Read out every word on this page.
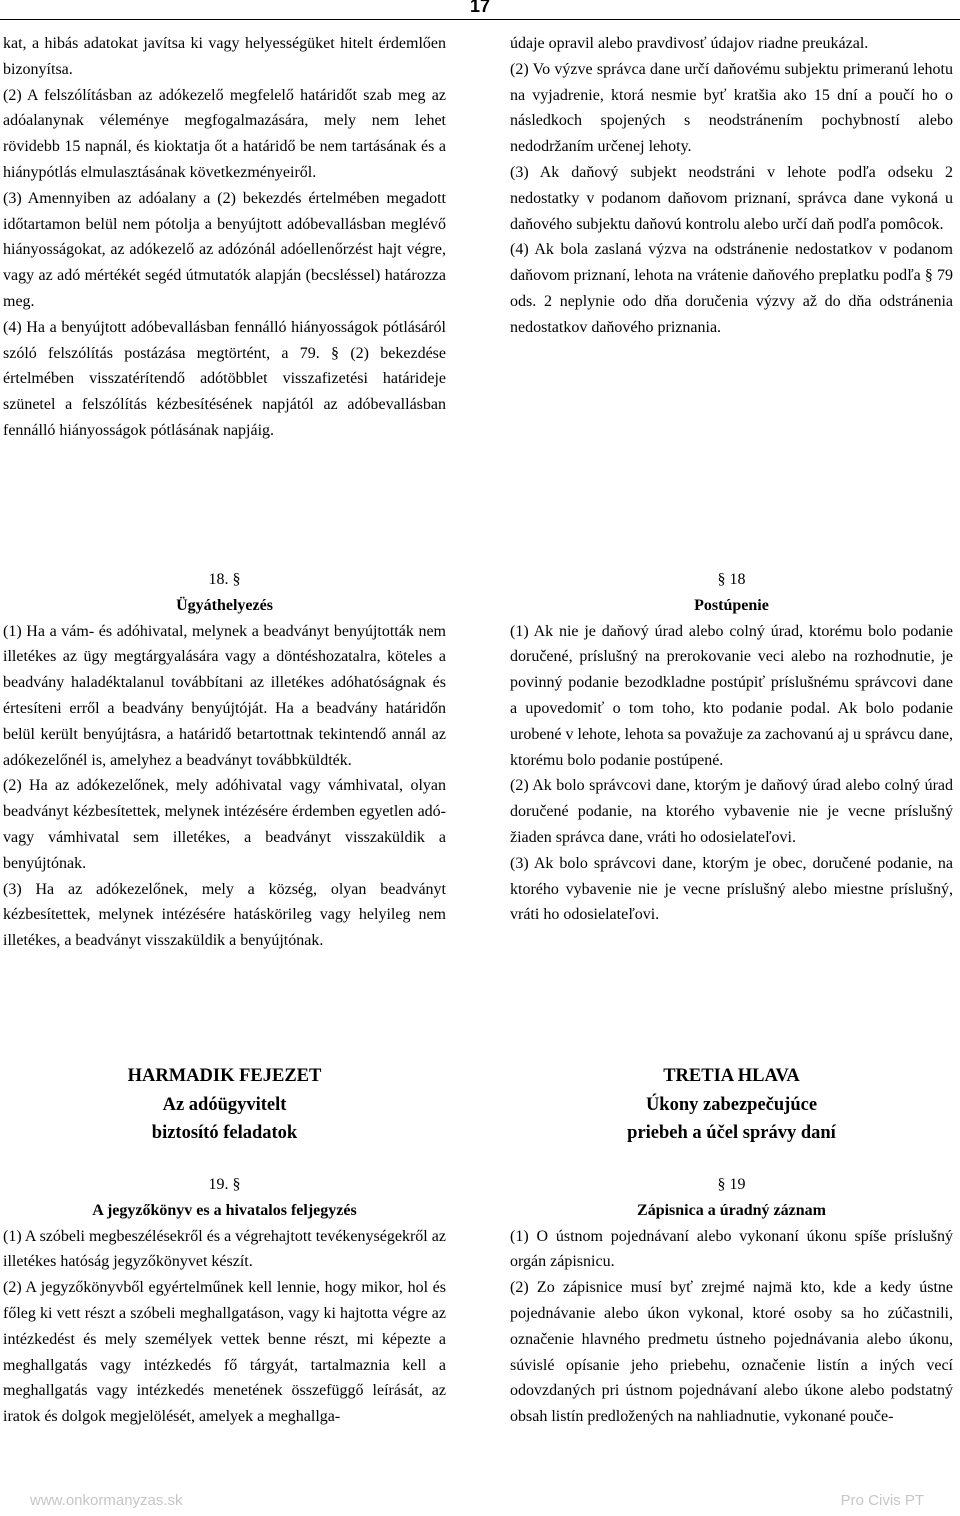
17

kat, a hibás adatokat javítsa ki vagy helyességüket hitelt érdemlően bizonyítsa.

(2) A felszólításban az adókezelő megfelelő határidőt szab meg az adóalanynak véleménye megfogalmazására, mely nem lehet rövidebb 15 napnál, és kioktatja őt a határidő be nem tartásának és a hiánypótlás elmulasztásának következményeiről.

(3) Amennyiben az adóalany a (2) bekezdés értelmében megadott időtartamon belül nem pótolja a benyújtott adóbevallásban meglévő hiányosságokat, az adókezelő az adózónál adóellenőrzést hajt végre, vagy az adó mértékét segéd útmutatók alapján (becsléssel) határozza meg.

(4) Ha a benyújtott adóbevallásban fennálló hiányosságok pótlásáról szóló felszólítás postázása megtörtént, a 79. § (2) bekezdése értelmében visszatérítendő adótöbblet visszafizetési határideje szünetel a felszólítás kézbesítésének napjától az adóbevallásban fennálló hiányosságok pótlásának napjáig.

údaje opravil alebo pravdivosť údajov riadne preukázal.

(2) Vo výzve správca dane určí daňovému subjektu primeranú lehotu na vyjadrenie, ktorá nesmie byť kratšia ako 15 dní a poučí ho o následkoch spojených s neodstránením pochybností alebo nedodržaním určenej lehoty.

(3) Ak daňový subjekt neodstráni v lehote podľa odseku 2 nedostatky v podanom daňovom priznaní, správca dane vykoná u daňového subjektu daňovú kontrolu alebo určí daň podľa pomôcok.

(4) Ak bola zaslaná výzva na odstránenie nedostatkov v podanom daňovom priznaní, lehota na vrátenie daňového preplatku podľa § 79 ods. 2 neplynie odo dňa doručenia výzvy až do dňa odstránenia nedostatkov daňového priznania.

18. §

Ügyáthelyezés

(1) Ha a vám- és adóhivatal, melynek a beadványt benyújtották nem illetékes az ügy megtárgyalására vagy a döntéshozatalra, köteles a beadvány haladéktalanul továbbítani az illetékes adóhatóságnak és értesíteni erről a beadvány benyújtóját. Ha a beadvány határidőn belül került benyújtásra, a határidő betartottnak tekintendő annál az adókezelőnél is, amelyhez a beadványt továbbküldték.

(2) Ha az adókezelőnek, mely adóhivatal vagy vámhivatal, olyan beadványt kézbesítettek, melynek intézésére érdemben egyetlen adó- vagy vámhivatal sem illetékes, a beadványt visszaküldik a benyújtónak.

(3) Ha az adókezelőnek, mely a község, olyan beadványt kézbesítettek, melynek intézésére hatáskörileg vagy helyileg nem illetékes, a beadványt visszaküldik a benyújtónak.

§ 18

Postúpenie

(1) Ak nie je daňový úrad alebo colný úrad, ktorému bolo podanie doručené, príslušný na prerokovanie veci alebo na rozhodnutie, je povinný podanie bezodkladne postúpiť príslušnému správcovi dane a upovedomiť o tom toho, kto podanie podal. Ak bolo podanie urobené v lehote, lehota sa považuje za zachovanú aj u správcu dane, ktorému bolo podanie postúpené.

(2) Ak bolo správcovi dane, ktorým je daňový úrad alebo colný úrad doručené podanie, na ktorého vybavenie nie je vecne príslušný žiaden správca dane, vráti ho odosielateľovi.

(3) Ak bolo správcovi dane, ktorým je obec, doručené podanie, na ktorého vybavenie nie je vecne príslušný alebo miestne príslušný, vráti ho odosielateľovi.

HARMADIK FEJEZET

Az adóügyvitelt

biztosító feladatok

TRETIA HLAVA

Úkony zabezpečujúce

priebeh a účel správy daní

19. §

A jegyzőkönyv es a hivatalos feljegyzés

(1) A szóbeli megbeszélésekről és a végrehajtott tevékenységekről az illetékes hatóság jegyzőkönyvet készít.

(2) A jegyzőkönyvből egyértelműnek kell lennie, hogy mikor, hol és főleg ki vett részt a szóbeli meghallgatáson, vagy ki hajtotta végre az intézkedést és mely személyek vettek benne részt, mi képezte a meghallgatás vagy intézkedés fő tárgyát, tartalmaznia kell a meghallgatás vagy intézkedés menetének összefüggő leírását, az iratok és dolgok megjelölését, amelyek a meghallga-

§ 19

Zápisnica a úradný záznam

(1) O ústnom pojednávaní alebo vykonaní úkonu spíše príslušný orgán zápisnicu.

(2) Zo zápisnice musí byť zrejmé najmä kto, kde a kedy ústne pojednávanie alebo úkon vykonal, ktoré osoby sa ho zúčastnili, označenie hlavného predmetu ústneho pojednávania alebo úkonu, súvislé opísanie jeho priebehu, označenie listín a iných vecí odovzdaných pri ústnom pojednávaní alebo úkone alebo podstatný obsah listín predložených na nahliadnutie, vykonané pouče-

www.onkormanyzas.sk	Pro Civis PT
